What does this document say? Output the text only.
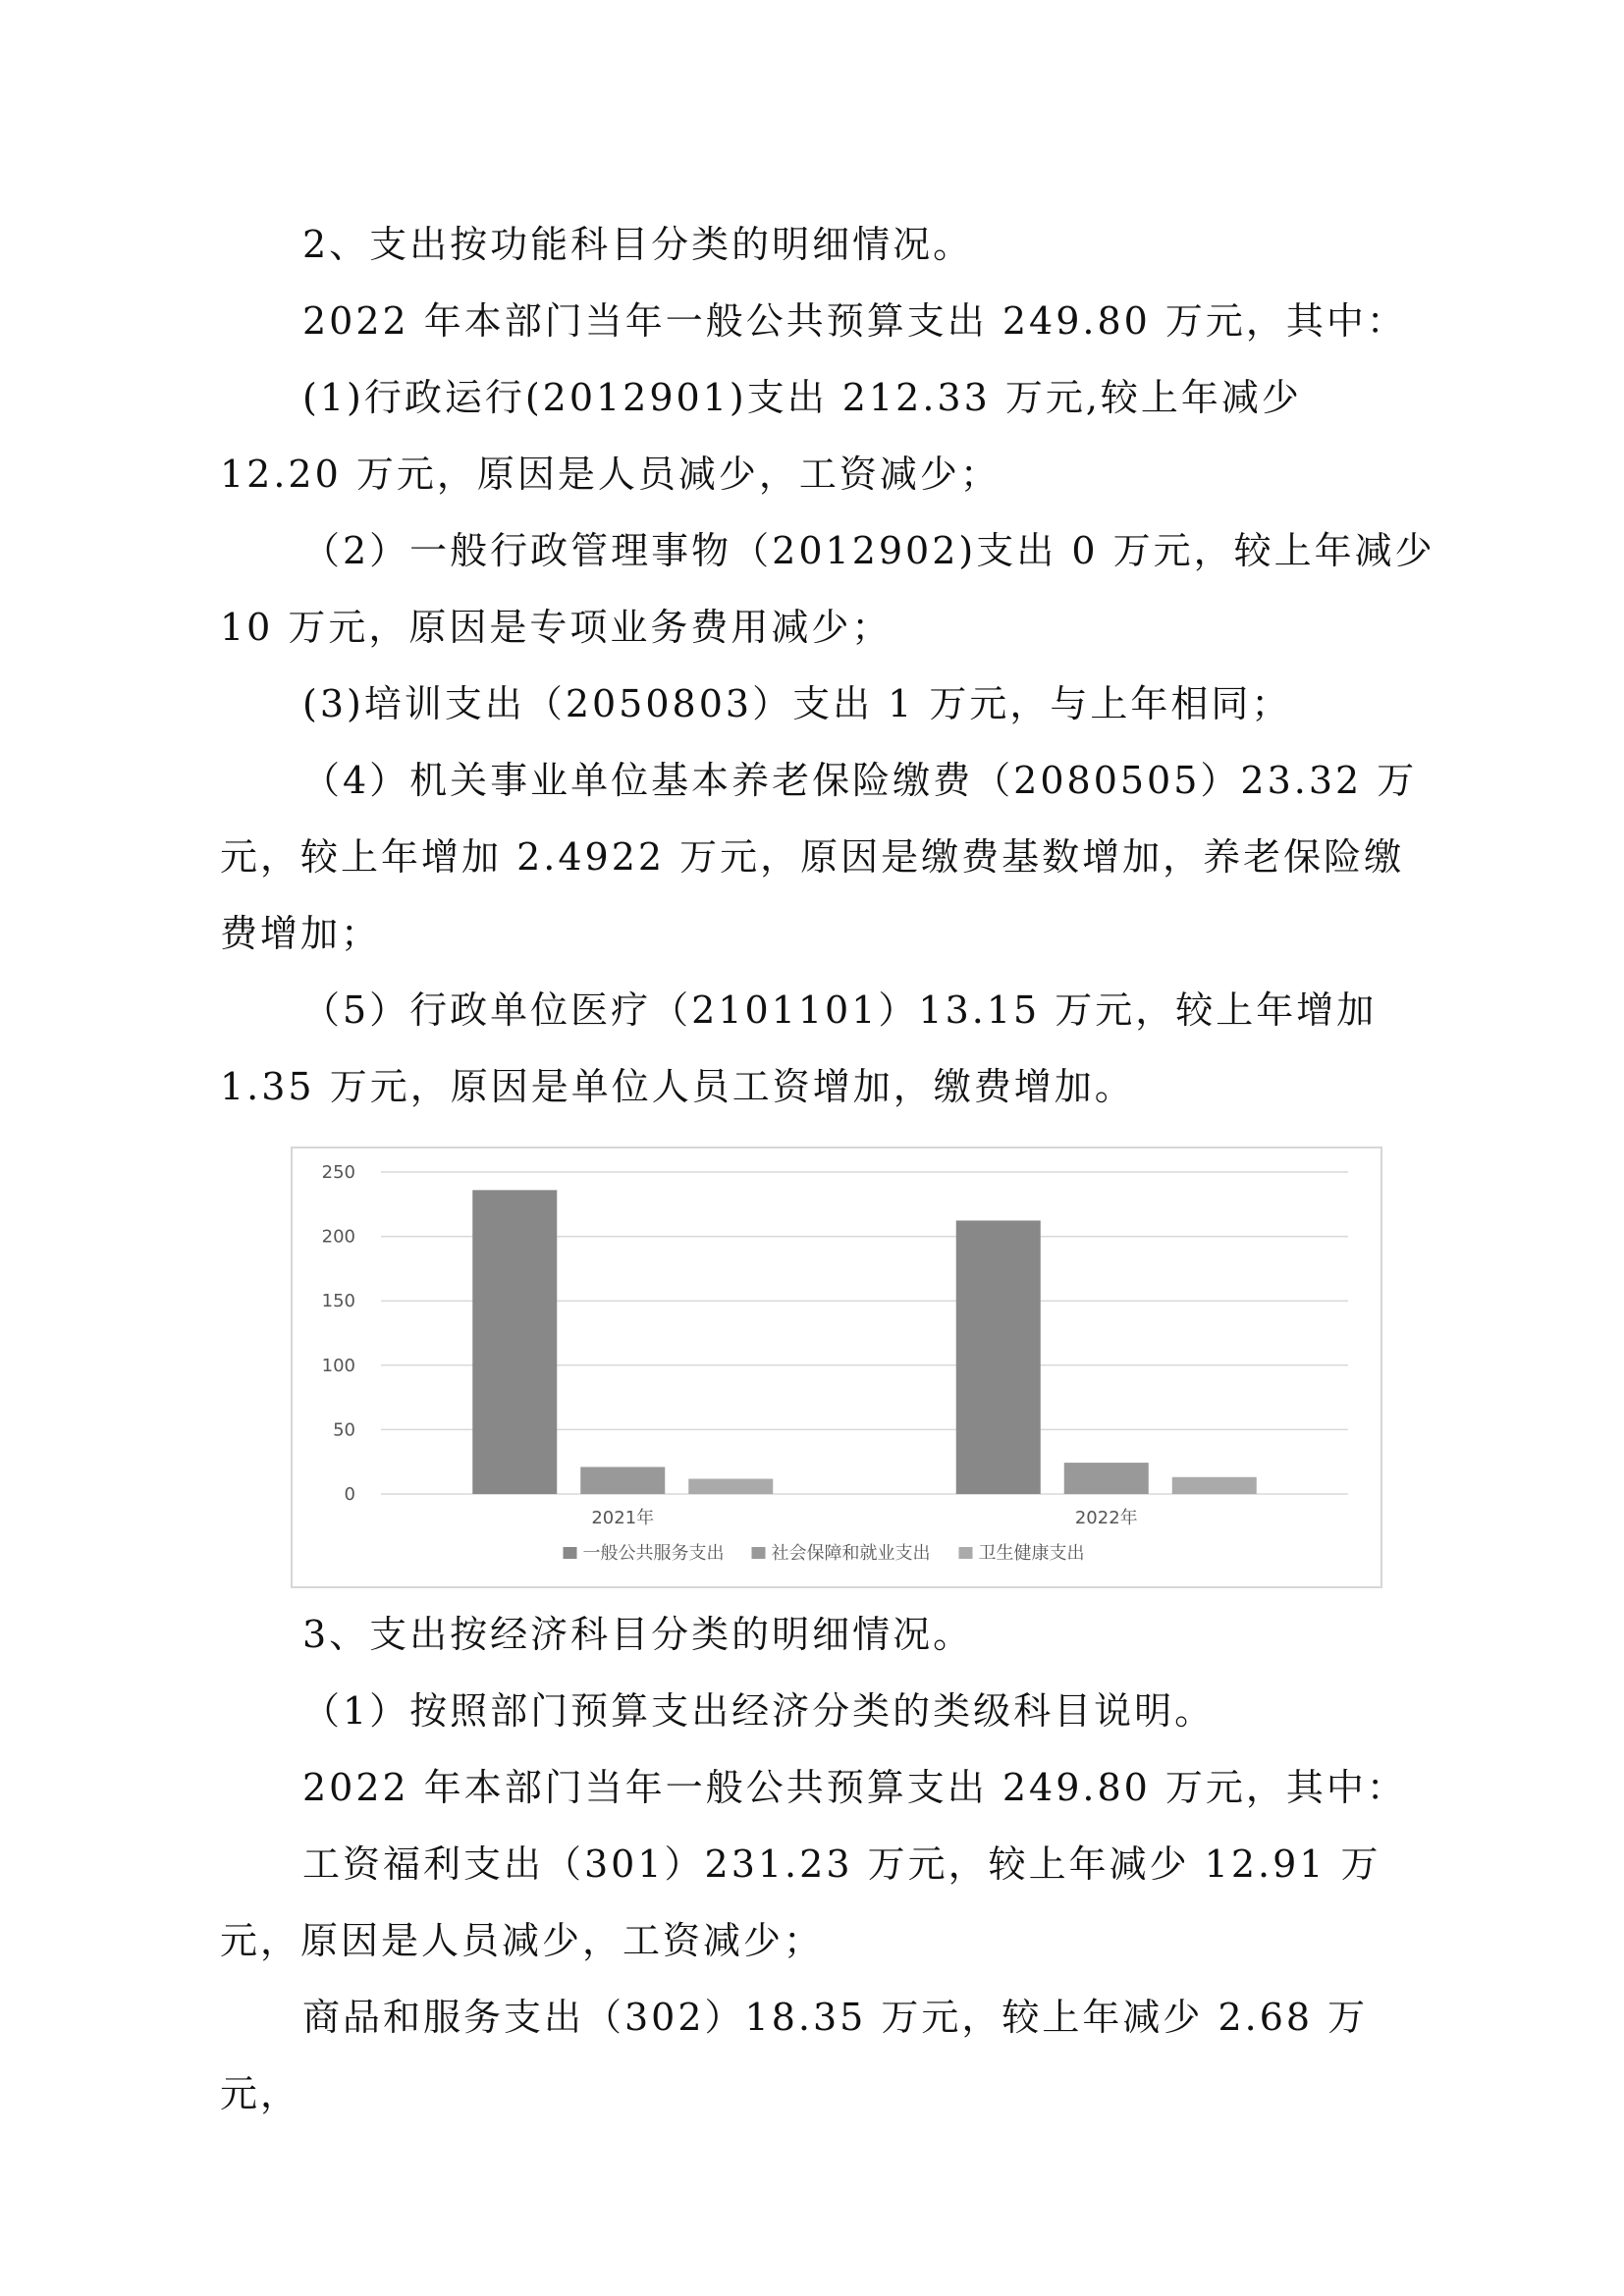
2、支出按功能科目分类的明细情况。

2022 年本部门当年一般公共预算支出 249.80 万元，其中：

(1)行政运行(2012901)支出 212.33 万元,较上年减少 12.20 万元，原因是人员减少，工资减少；

（2）一般行政管理事物（2012902)支出 0 万元，较上年减少 10 万元，原因是专项业务费用减少；

(3)培训支出（2050803）支出 1 万元，与上年相同；

（4）机关事业单位基本养老保险缴费（2080505）23.32 万元，较上年增加 2.4922 万元，原因是缴费基数增加，养老保险缴费增加；

（5）行政单位医疗（2101101）13.15 万元，较上年增加 1.35 万元，原因是单位人员工资增加，缴费增加。

0
50
100
150
200
250
2021年	2022年
一般公共服务支出	社会保障和就业支出	卫生健康支出

3、支出按经济科目分类的明细情况。

（1）按照部门预算支出经济分类的类级科目说明。

2022 年本部门当年一般公共预算支出 249.80 万元，其中：

工资福利支出（301）231.23 万元，较上年减少 12.91 万元，原因是人员减少，工资减少；

商品和服务支出（302）18.35 万元，较上年减少 2.68 万元，
